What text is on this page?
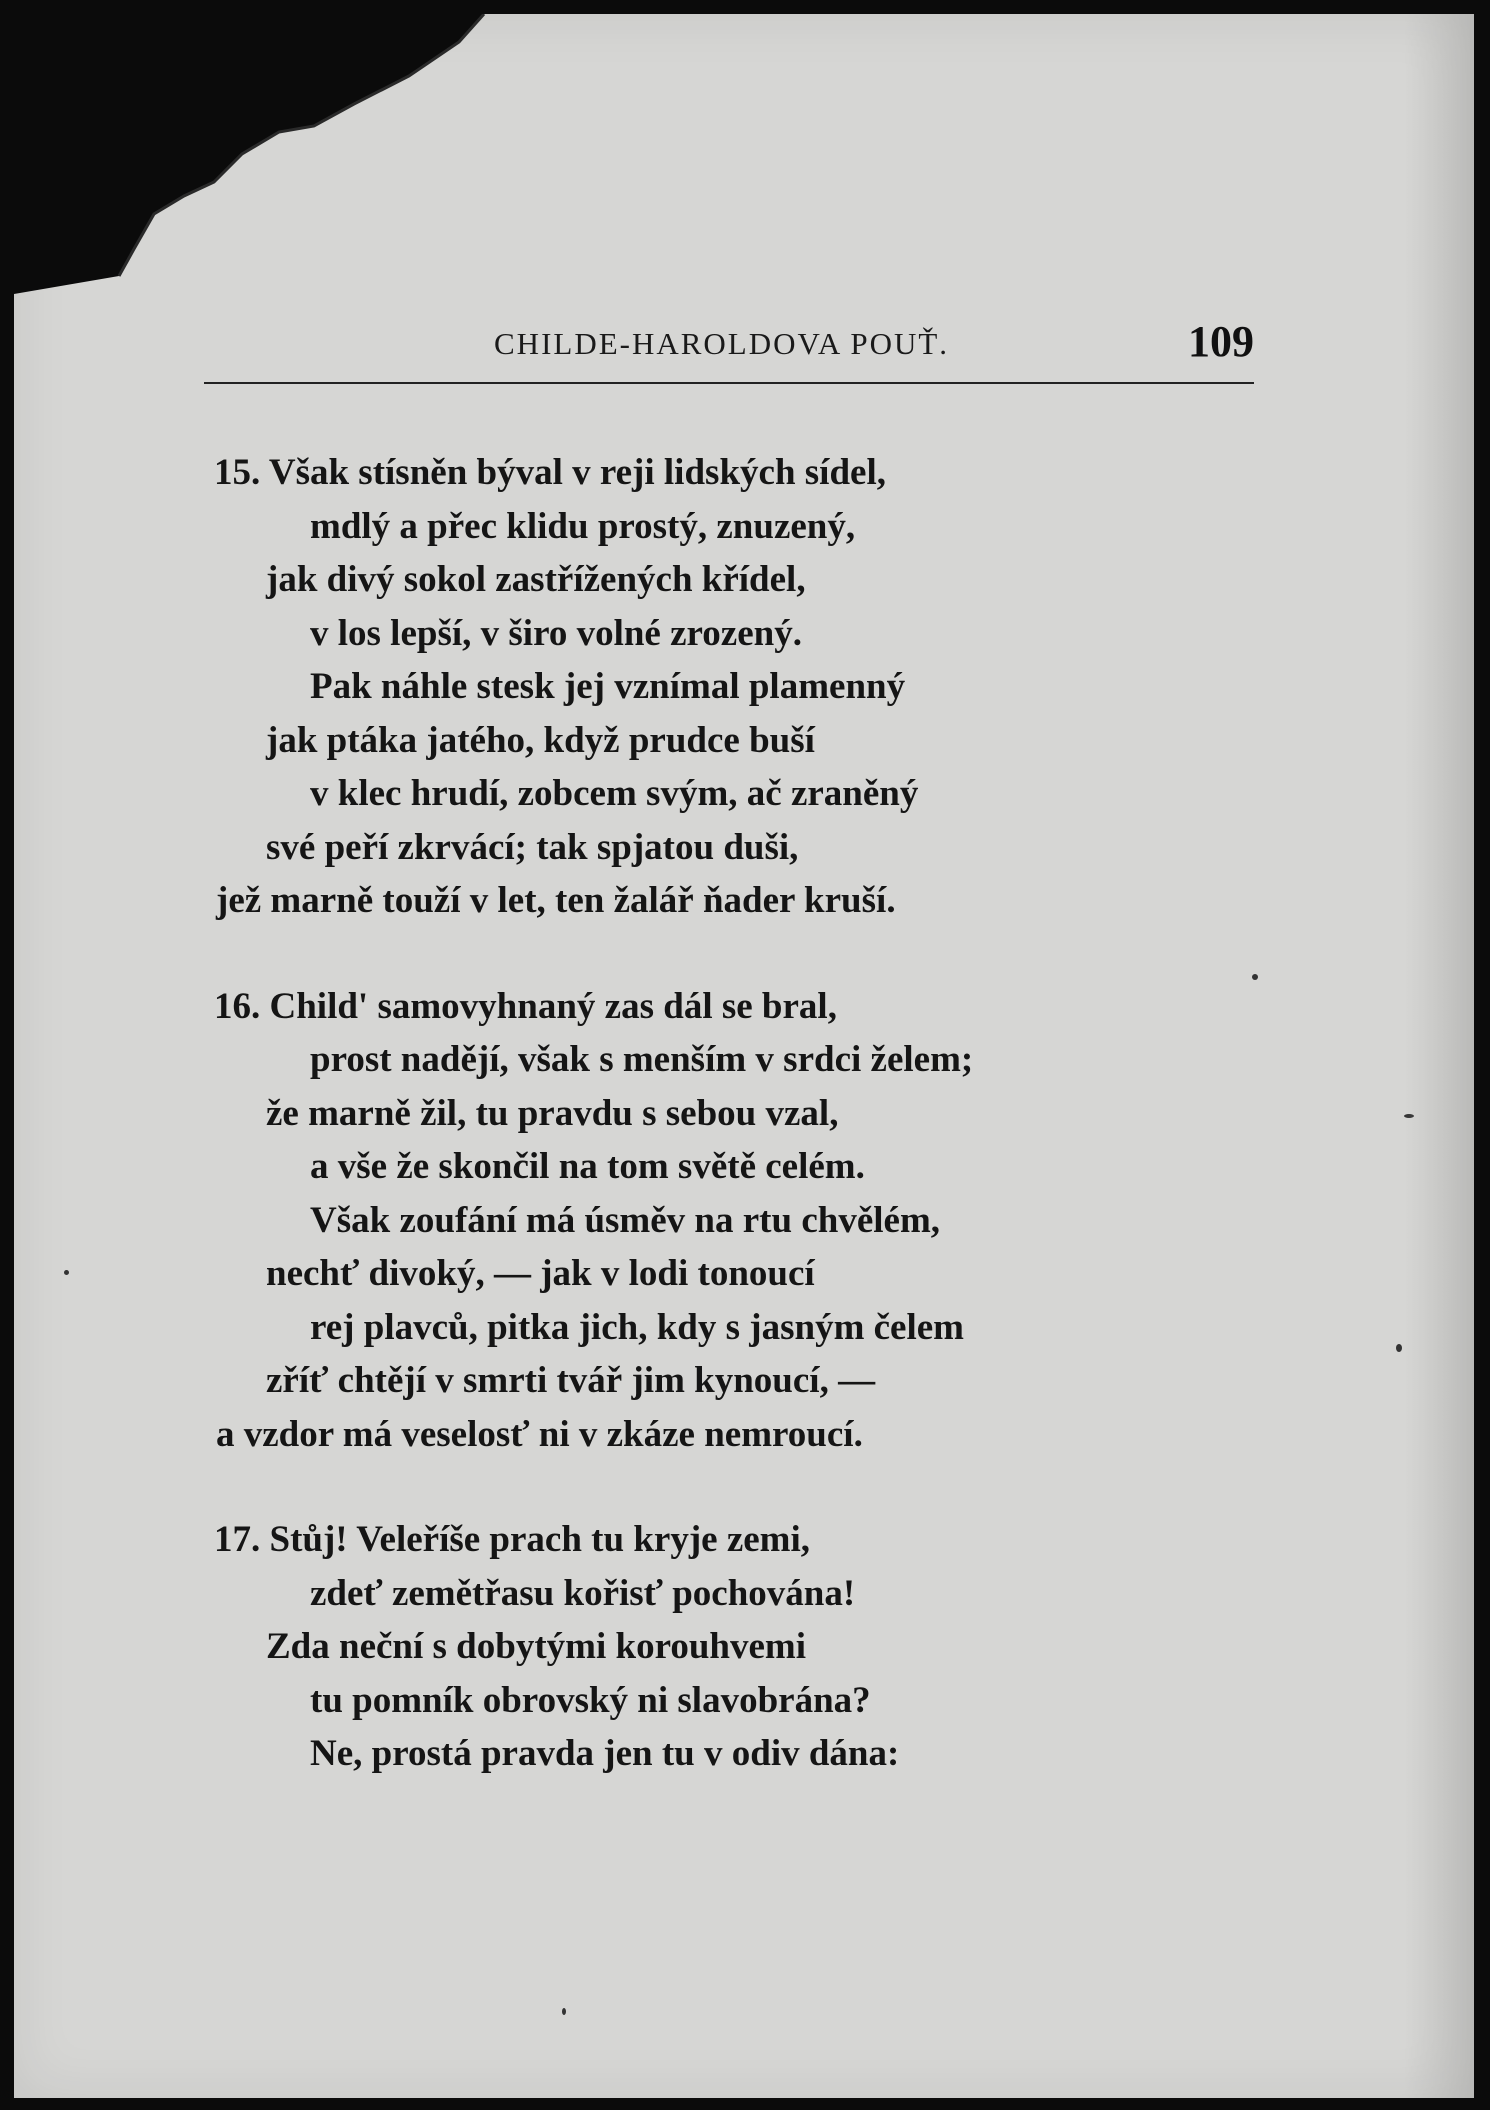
CHILDE-HAROLDOVA POUŤ.	109
15. Však stísněn býval v reji lidských sídel,
mdlý a přec klidu prostý, znuzený,
jak divý sokol zastřížených křídel,
v los lepší, v širo volné zrozený.
Pak náhle stesk jej vznímal plamenný
jak ptáka jatého, když prudce buší
v klec hrudí, zobcem svým, ač zraněný
své peří zkrvácí; tak spjatou duši,
jež marně touží v let, ten žalář ňader kruší.
16. Child' samovyhnaný zas dál se bral,
prost nadějí, však s menším v srdci želem;
že marně žil, tu pravdu s sebou vzal,
a vše že skončil na tom světě celém.
Však zoufání má úsměv na rtu chvělém,
nechť divoký, — jak v lodi tonoucí
rej plavců, pitka jich, kdy s jasným čelem
zříť chtějí v smrti tvář jim kynoucí, —
a vzdor má veselosť ni v zkáze nemroucí.
17. Stůj! Veleříše prach tu kryje zemi,
zdeť zemětřasu kořisť pochována!
Zda neční s dobytými korouhvemi
tu pomník obrovský ni slavobrána?
Ne, prostá pravda jen tu v odiv dána:
